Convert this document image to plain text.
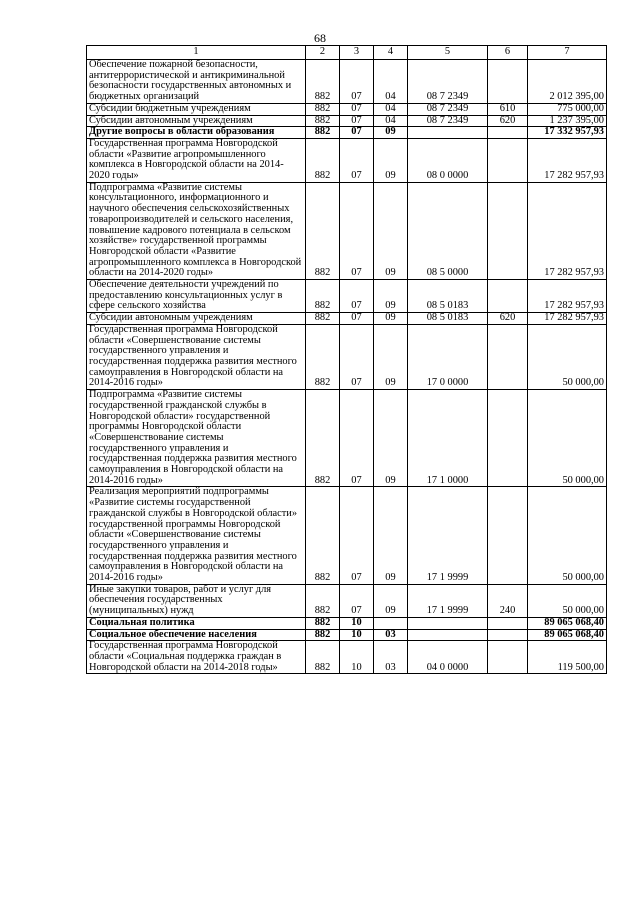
68
1	2	3	4	5	6	7
Обеспечение пожарной безопасности, антитеррористической и антикриминальной безопасности государственных автономных и бюджетных организаций	882	07	04	08 7 2349		2 012 395,00
Субсидии бюджетным учреждениям	882	07	04	08 7 2349	610	775 000,00
Субсидии автономным учреждениям	882	07	04	08 7 2349	620	1 237 395,00
Другие вопросы в области образования	882	07	09			17 332 957,93
Государственная программа Новгородской области «Развитие агропромышленного комплекса в Новгородской области на 2014-2020 годы»	882	07	09	08 0 0000		17 282 957,93
Подпрограмма «Развитие системы консультационного, информационного и научного обеспечения сельскохозяйственных товаропроизводителей и сельского населения, повышение кадрового потенциала в сельском хозяйстве» государственной программы Новгородской области «Развитие агропромышленного комплекса в Новгородской области на 2014-2020 годы»	882	07	09	08 5 0000		17 282 957,93
Обеспечение деятельности учреждений по предоставлению консультационных услуг в сфере сельского хозяйства	882	07	09	08 5 0183		17 282 957,93
Субсидии автономным учреждениям	882	07	09	08 5 0183	620	17 282 957,93
Государственная программа Новгородской области «Совершенствование системы государственного управления и государственная поддержка развития местного самоуправления в Новгородской области на 2014-2016 годы»	882	07	09	17 0 0000		50 000,00
Подпрограмма «Развитие системы государственной гражданской службы в Новгородской области» государственной программы Новгородской области «Совершенствование системы государственного управления и государственная поддержка развития местного самоуправления в Новгородской области на 2014-2016 годы»	882	07	09	17 1 0000		50 000,00
Реализация мероприятий подпрограммы «Развитие системы государственной гражданской службы в Новгородской области» государственной программы Новгородской области «Совершенствование системы государственного управления и государственная поддержка развития местного самоуправления в Новгородской области на 2014-2016 годы»	882	07	09	17 1 9999		50 000,00
Иные закупки товаров, работ и услуг для обеспечения государственных (муниципальных) нужд	882	07	09	17 1 9999	240	50 000,00
Социальная политика	882	10				89 065 068,40
Социальное обеспечение населения	882	10	03			89 065 068,40
Государственная программа Новгородской области «Социальная поддержка граждан в Новгородской области на 2014-2018 годы»	882	10	03	04 0 0000		119 500,00
